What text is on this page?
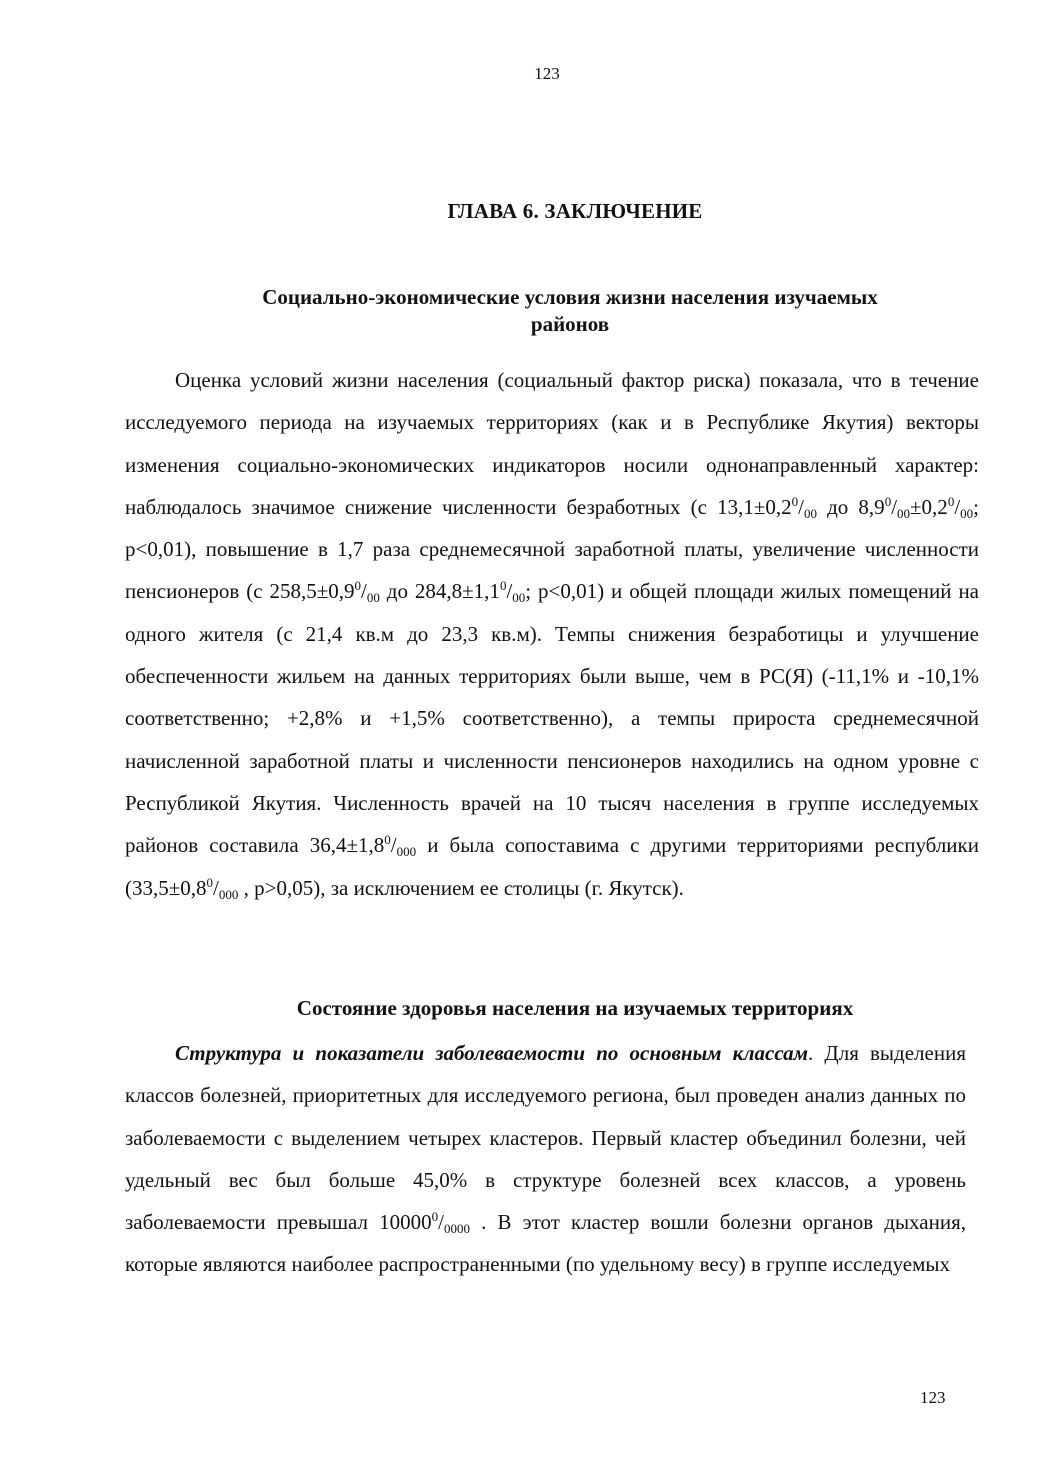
123
ГЛАВА 6. ЗАКЛЮЧЕНИЕ
Социально-экономические условия жизни населения изучаемых
районов
Оценка условий жизни населения (социальный фактор риска) показала, что в течение исследуемого периода на изучаемых территориях (как и в Республике Якутия) векторы изменения социально-экономических индикаторов носили однонаправленный характер: наблюдалось значимое снижение численности безработных (с $13,1\pm 0,2^0/_{00}$ до $8,9^0/_{00}\pm 0,2^0/_{00}$; p<0,01), повышение в 1,7 раза среднемесячной заработной платы, увеличение численности пенсионеров (с $258,5\pm 0,9^0/_{00}$ до $284,8\pm 1,1^0/_{00}$; p<0,01) и общей площади жилых помещений на одного жителя (с 21,4 кв.м до 23,3 кв.м). Темпы снижения безработицы и улучшение обеспеченности жильем на данных территориях были выше, чем в РС(Я) (-11,1% и -10,1% соответственно; +2,8% и +1,5% соответственно), а темпы прироста среднемесячной начисленной заработной платы и численности пенсионеров находились на одном уровне с Республикой Якутия. Численность врачей на 10 тысяч населения в группе исследуемых районов составила $36,4\pm 1,8^0/_{000}$ и была сопоставима с другими территориями республики ($33,5\pm 0,8^0/_{000}$ , p>0,05), за исключением ее столицы (г. Якутск).
Состояние здоровья населения на изучаемых территориях
Структура и показатели заболеваемости по основным классам. Для выделения классов болезней, приоритетных для исследуемого региона, был проведен анализ данных по заболеваемости с выделением четырех кластеров. Первый кластер объединил болезни, чей удельный вес был больше 45,0% в структуре болезней всех классов, а уровень заболеваемости превышал $10000^0/_{0000}$ . В этот кластер вошли болезни органов дыхания, которые являются наиболее распространенными (по удельному весу) в группе исследуемых
123
